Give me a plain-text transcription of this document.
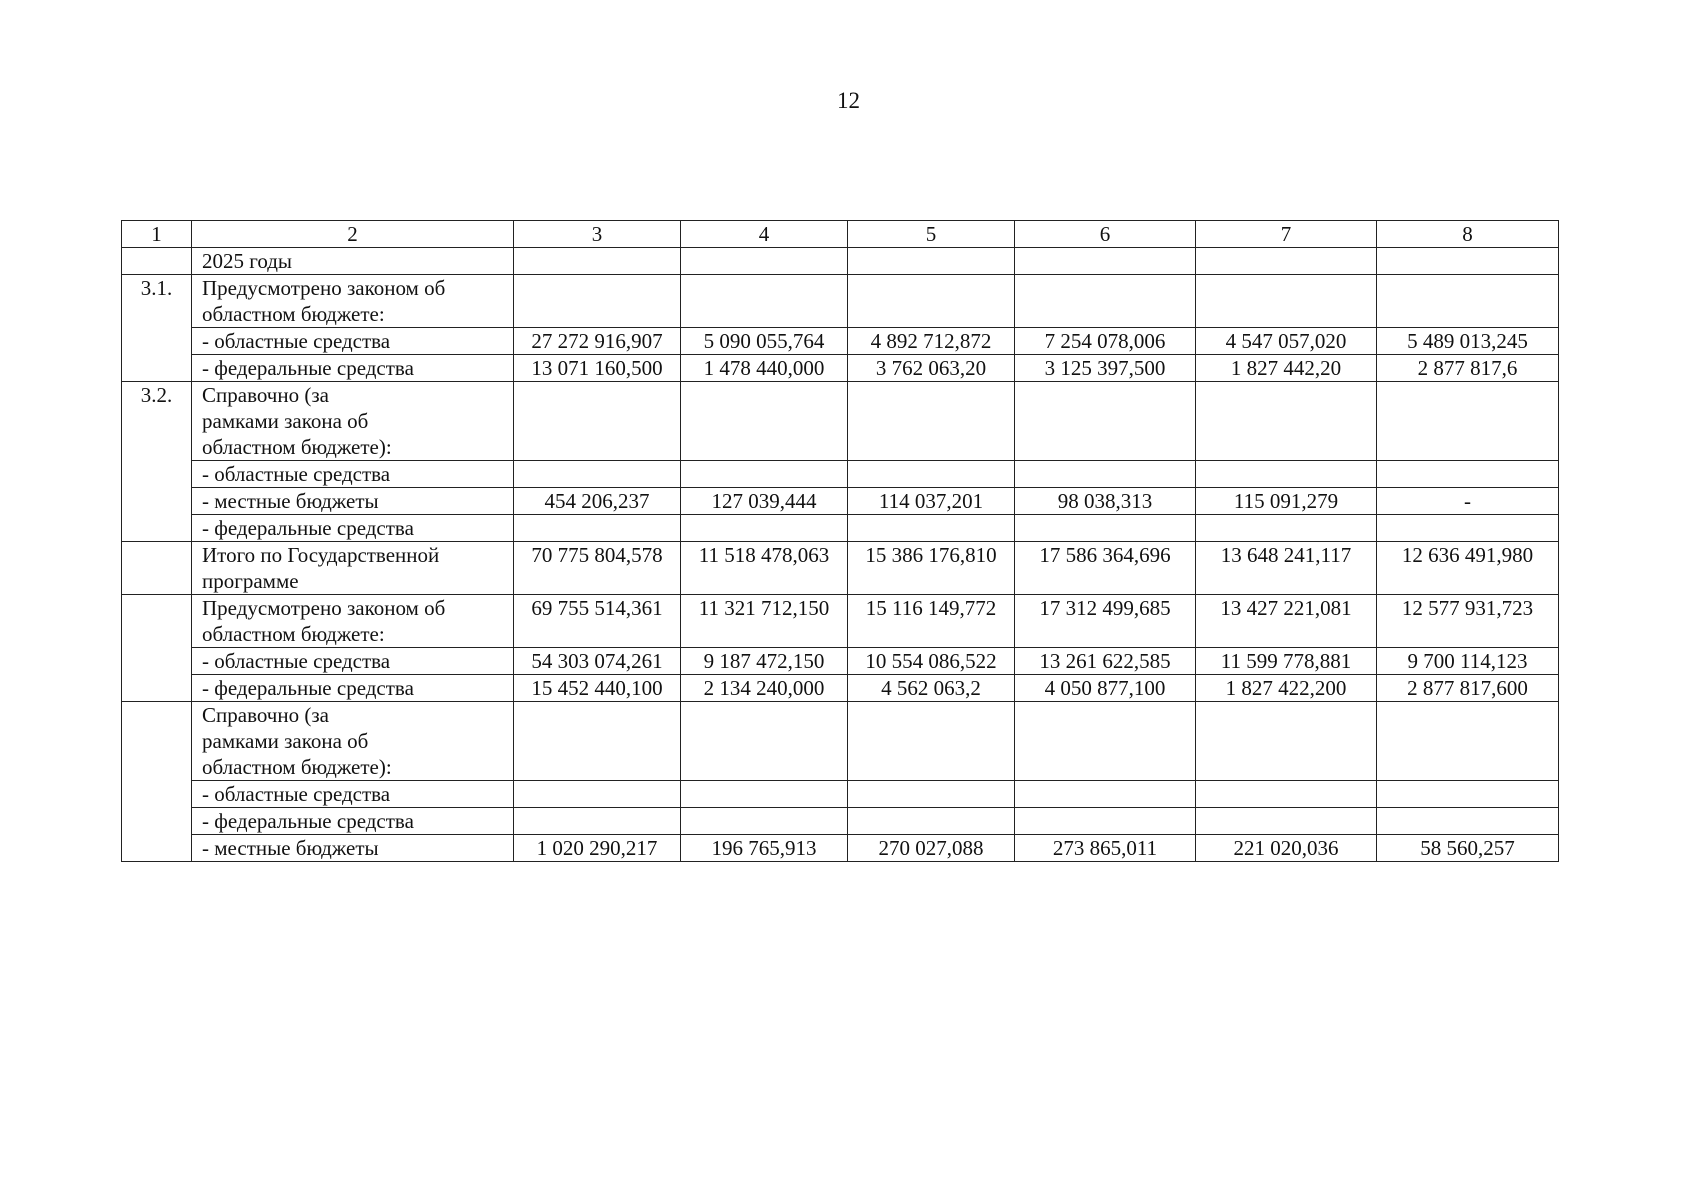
12
1	2	3	4	5	6	7	8
	2025 годы						
3.1.	Предусмотрено законом об областном бюджете:						
	- областные средства	27 272 916,907	5 090 055,764	4 892 712,872	7 254 078,006	4 547 057,020	5 489 013,245
	- федеральные средства	13 071 160,500	1 478 440,000	3 762 063,20	3 125 397,500	1 827 442,20	2 877 817,6
3.2.	Справочно (за рамками закона об областном бюджете):						
	- областные средства						
	- местные бюджеты	454 206,237	127 039,444	114 037,201	98 038,313	115 091,279	-
	- федеральные средства						
	Итого по Государственной программе	70 775 804,578	11 518 478,063	15 386 176,810	17 586 364,696	13 648 241,117	12 636 491,980
	Предусмотрено законом об областном бюджете:	69 755 514,361	11 321 712,150	15 116 149,772	17 312 499,685	13 427 221,081	12 577 931,723
	- областные средства	54 303 074,261	9 187 472,150	10 554 086,522	13 261 622,585	11 599 778,881	9 700 114,123
	- федеральные средства	15 452 440,100	2 134 240,000	4 562 063,2	4 050 877,100	1 827 422,200	2 877 817,600
	Справочно (за рамками закона об областном бюджете):						
	- областные средства						
	- федеральные средства						
	- местные бюджеты	1 020 290,217	196 765,913	270 027,088	273 865,011	221 020,036	58 560,257
